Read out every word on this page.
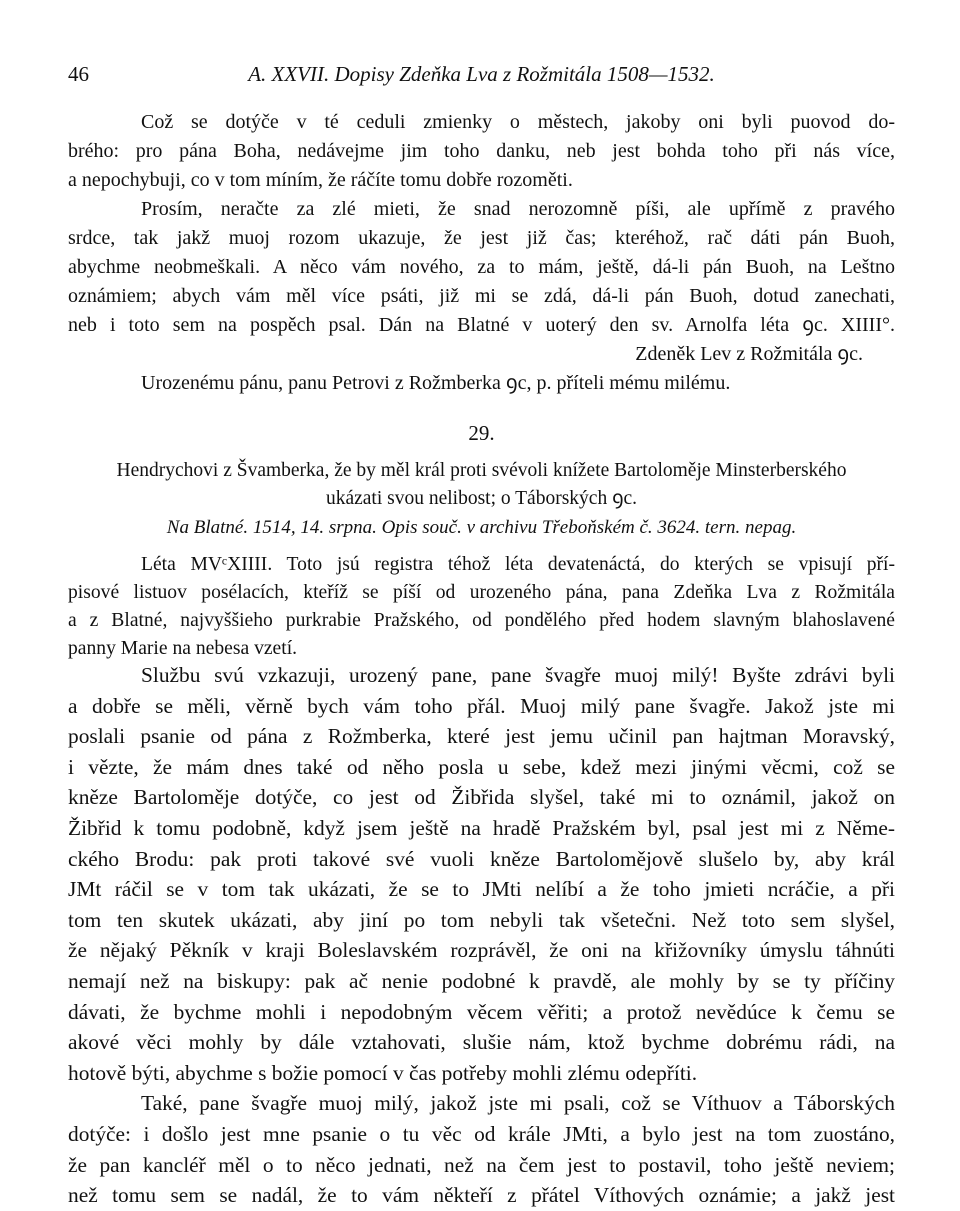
46	A. XXVII. Dopisy Zdeňka Lva z Rožmitála 1508—1532.
Což se dotýče v té ceduli zmienky o městech, jakoby oni byli puovod do-
brého: pro pána Boha, nedávejme jim toho danku, neb jest bohda toho při nás více,
a nepochybuji, co v tom míním, že ráčíte tomu dobře rozoměti.
Prosím, neračte za zlé mieti, že snad nerozomně píši, ale upřímě z pravého
srdce, tak jakž muoj rozom ukazuje, že jest již čas; kteréhož, rač dáti pán Buoh,
abychme neobmeškali. A něco vám nového, za to mám, ještě, dá-li pán Buoh, na Leštno
oznámiem; abych vám měl více psáti, již mi se zdá, dá-li pán Buoh, dotud zanechati,
neb i toto sem na pospěch psal. Dán na Blatné v uoterý den sv. Arnolfa léta ꝯc. XIIII°.
Zdeněk Lev z Rožmitála ꝯc.
Urozenému pánu, panu Petrovi z Rožmberka ꝯc, p. příteli mému milému.
29.
Hendrychovi z Švamberka, že by měl král proti svévoli knížete Bartoloměje Minsterberského
ukázati svou nelibost; o Táborských ꝯc.
Na Blatné. 1514, 14. srpna. Opis souč. v archivu Třeboňském č. 3624. tern. nepag.
Léta MVᶜXIIII. Toto jsú registra téhož léta devatenáctá, do kterých se vpisují pří-
pisové listuov posélacích, kteříž se píší od urozeného pána, pana Zdeňka Lva z Rožmitála
a z Blatné, najvyššieho purkrabie Pražského, od pondělého před hodem slavným blahoslavené
panny Marie na nebesa vzetí.
Službu svú vzkazuji, urozený pane, pane švagře muoj milý! Byšte zdrávi byli
a dobře se měli, věrně bych vám toho přál. Muoj milý pane švagře. Jakož jste mi
poslali psanie od pána z Rožmberka, které jest jemu učinil pan hajtman Moravský,
i vězte, že mám dnes také od něho posla u sebe, kdež mezi jinými věcmi, což se
kněze Bartoloměje dotýče, co jest od Žibřida slyšel, také mi to oznámil, jakož on
Žibřid k tomu podobně, když jsem ještě na hradě Pražském byl, psal jest mi z Něme-
ckého Brodu: pak proti takové své vuoli kněze Bartolomějově slušelo by, aby král
JMt ráčil se v tom tak ukázati, že se to JMti nelíbí a že toho jmieti ncráčie, a při
tom ten skutek ukázati, aby jiní po tom nebyli tak všetečni. Než toto sem slyšel,
že nějaký Pěkník v kraji Boleslavském rozprávěl, že oni na křižovníky úmyslu táhnúti
nemají než na biskupy: pak ač nenie podobné k pravdě, ale mohly by se ty příčiny
dávati, že bychme mohli i nepodobným věcem věřiti; a protož nevědúce k čemu se
akové věci mohly by dále vztahovati, slušie nám, ktož bychme dobrému rádi, na
hotově býti, abychme s božie pomocí v čas potřeby mohli zlému odepříti.
Také, pane švagře muoj milý, jakož jste mi psali, což se Víthuov a Táborských
dotýče: i došlo jest mne psanie o tu věc od krále JMti, a bylo jest na tom zuostáno,
že pan kancléř měl o to něco jednati, než na čem jest to postavil, toho ještě neviem;
než tomu sem se nadál, že to vám někteří z přátel Víthových oznámie; a jakž jest
